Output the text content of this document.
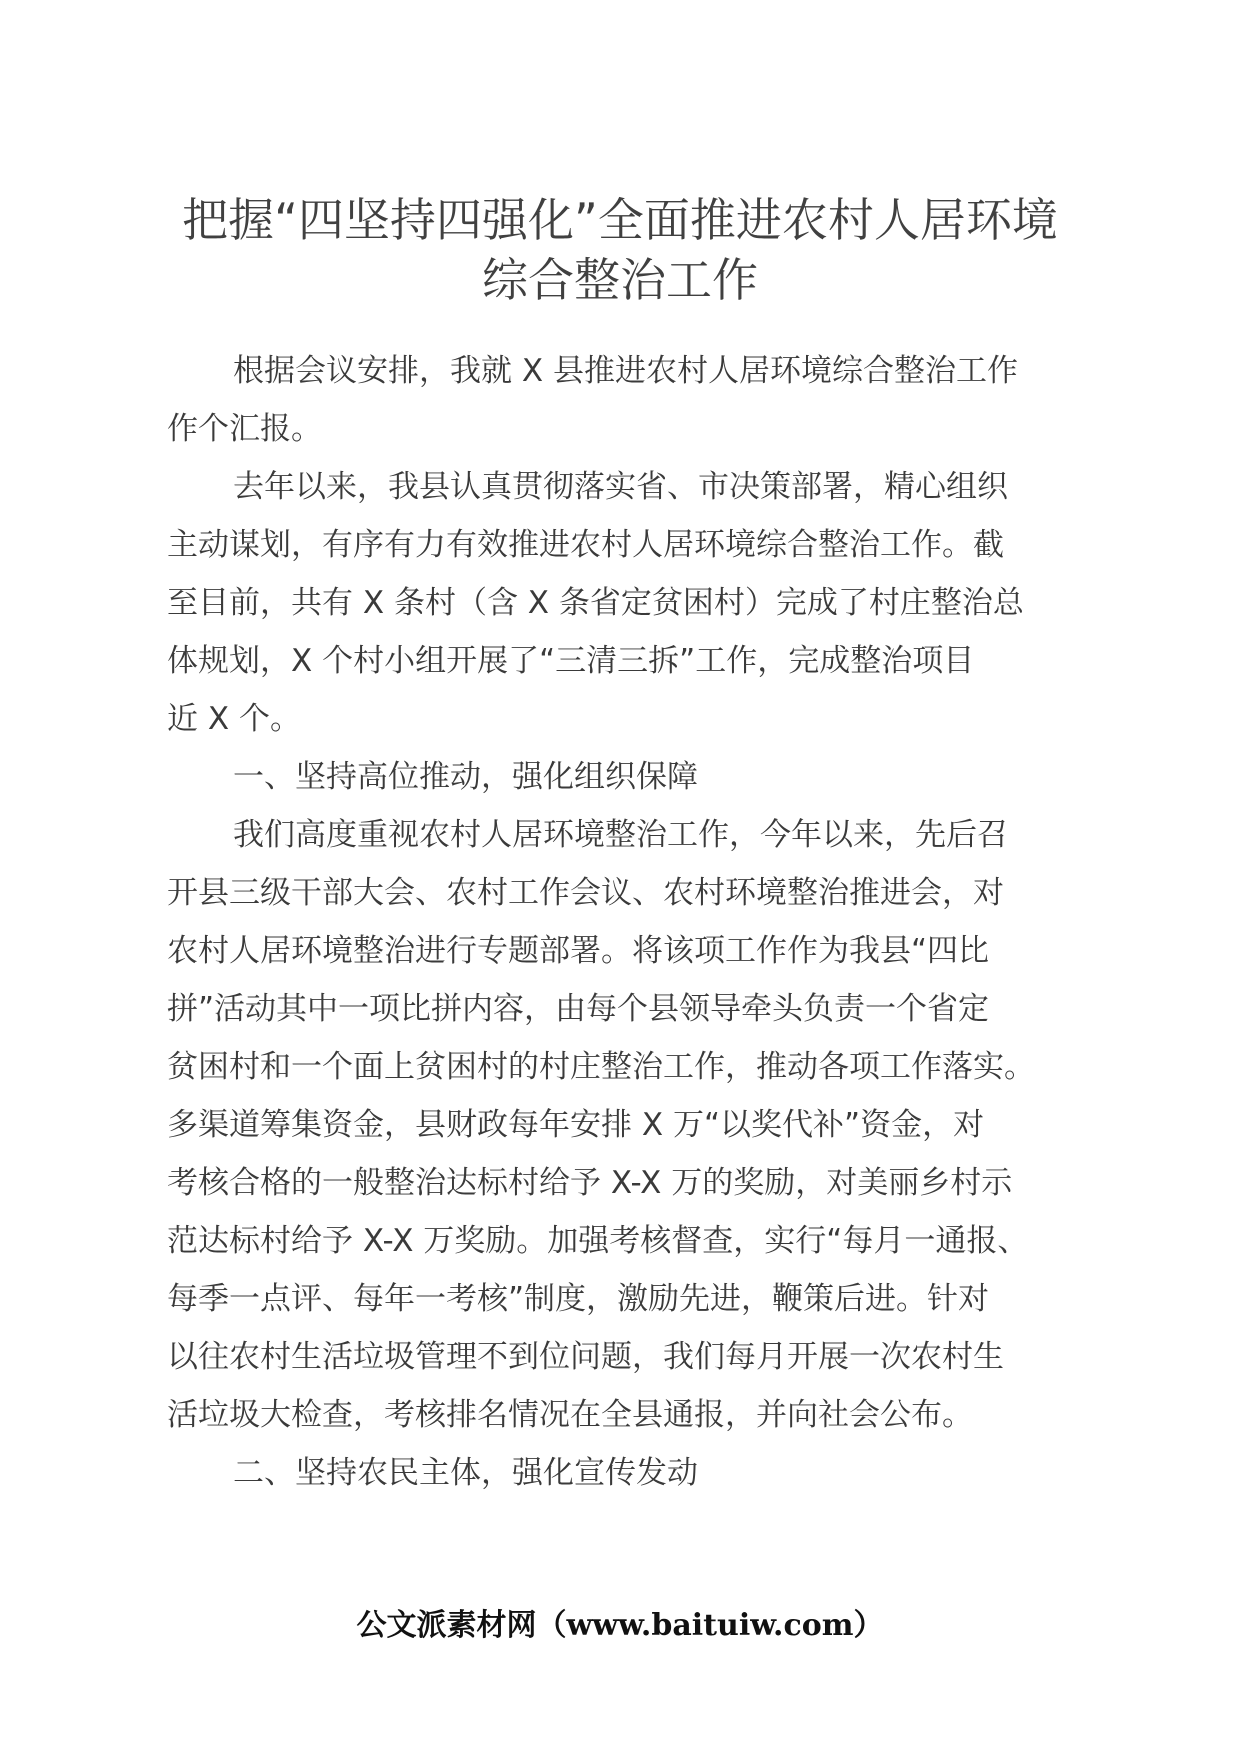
把握“四坚持四强化”全面推进农村人居环境
综合整治工作

根据会议安排，我就 X 县推进农村人居环境综合整治工作
作个汇报。

去年以来，我县认真贯彻落实省、市决策部署，精心组织
主动谋划，有序有力有效推进农村人居环境综合整治工作。截
至目前，共有 X 条村（含 X 条省定贫困村）完成了村庄整治总
体规划，X 个村小组开展了“三清三拆”工作，完成整治项目
近 X 个。

一、坚持高位推动，强化组织保障

我们高度重视农村人居环境整治工作，今年以来，先后召
开县三级干部大会、农村工作会议、农村环境整治推进会，对
农村人居环境整治进行专题部署。将该项工作作为我县“四比
拼”活动其中一项比拼内容，由每个县领导牵头负责一个省定
贫困村和一个面上贫困村的村庄整治工作，推动各项工作落实。
多渠道筹集资金，县财政每年安排 X 万“以奖代补”资金，对
考核合格的一般整治达标村给予 X-X 万的奖励，对美丽乡村示
范达标村给予 X-X 万奖励。加强考核督查，实行“每月一通报、
每季一点评、每年一考核”制度，激励先进，鞭策后进。针对
以往农村生活垃圾管理不到位问题，我们每月开展一次农村生
活垃圾大检查，考核排名情况在全县通报，并向社会公布。

二、坚持农民主体，强化宣传发动
公文派素材网（www.baituiw.com）
